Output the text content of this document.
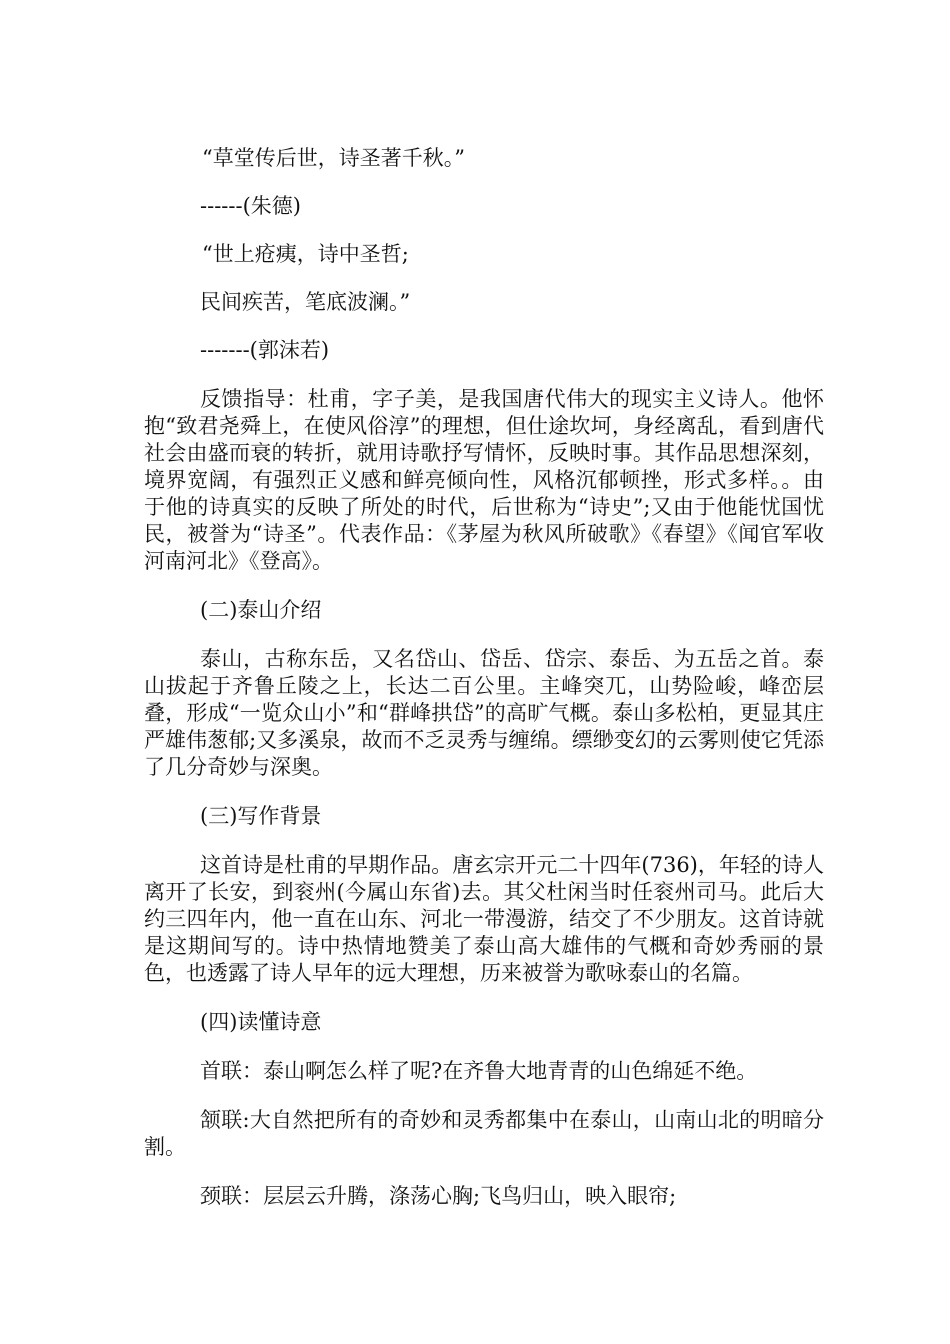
“草堂传后世，诗圣著千秋。”

------(朱德)

“世上疮痍，诗中圣哲;

民间疾苦，笔底波澜。”

-------(郭沫若)

反馈指导：杜甫，字子美，是我国唐代伟大的现实主义诗人。他怀抱“致君尧舜上，在使风俗淳”的理想，但仕途坎坷，身经离乱，看到唐代社会由盛而衰的转折，就用诗歌抒写情怀，反映时事。其作品思想深刻，境界宽阔，有强烈正义感和鲜亮倾向性，风格沉郁顿挫，形式多样。。由于他的诗真实的反映了所处的时代，后世称为“诗史”;又由于他能忧国忧民，被誉为“诗圣”。代表作品：《茅屋为秋风所破歌》《春望》《闻官军收河南河北》《登高》。

(二)泰山介绍

泰山，古称东岳，又名岱山、岱岳、岱宗、泰岳、为五岳之首。泰山拔起于齐鲁丘陵之上，长达二百公里。主峰突兀，山势险峻，峰峦层叠，形成“一览众山小”和“群峰拱岱”的高旷气概。泰山多松柏，更显其庄严雄伟葱郁;又多溪泉，故而不乏灵秀与缠绵。缥缈变幻的云雾则使它凭添了几分奇妙与深奥。

(三)写作背景

这首诗是杜甫的早期作品。唐玄宗开元二十四年(736)，年轻的诗人离开了长安，到衮州(今属山东省)去。其父杜闲当时任衮州司马。此后大约三四年内，他一直在山东、河北一带漫游，结交了不少朋友。这首诗就是这期间写的。诗中热情地赞美了泰山高大雄伟的气概和奇妙秀丽的景色，也透露了诗人早年的远大理想，历来被誉为歌咏泰山的名篇。

(四)读懂诗意

首联：泰山啊怎么样了呢?在齐鲁大地青青的山色绵延不绝。

颔联:大自然把所有的奇妙和灵秀都集中在泰山，山南山北的明暗分割。

颈联：层层云升腾，涤荡心胸;飞鸟归山，映入眼帘;
